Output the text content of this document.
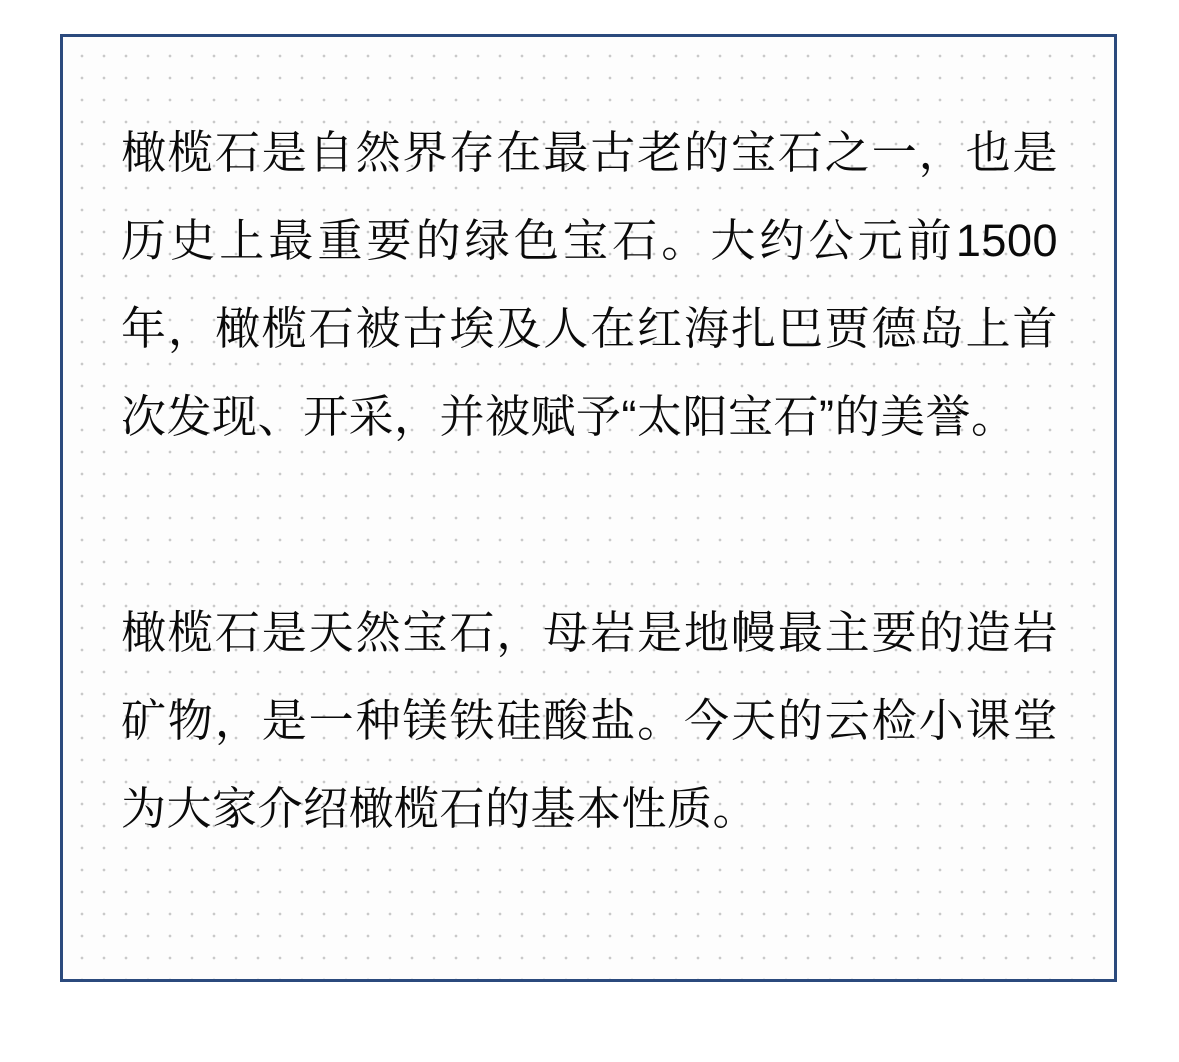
橄榄石是自然界存在最古老的宝石之一，也是历史上最重要的绿色宝石。大约公元前1500年，橄榄石被古埃及人在红海扎巴贾德岛上首次发现、开采，并被赋予“太阳宝石”的美誉。

橄榄石是天然宝石，母岩是地幔最主要的造岩矿物，是一种镁铁硅酸盐。今天的云检小课堂为大家介绍橄榄石的基本性质。
